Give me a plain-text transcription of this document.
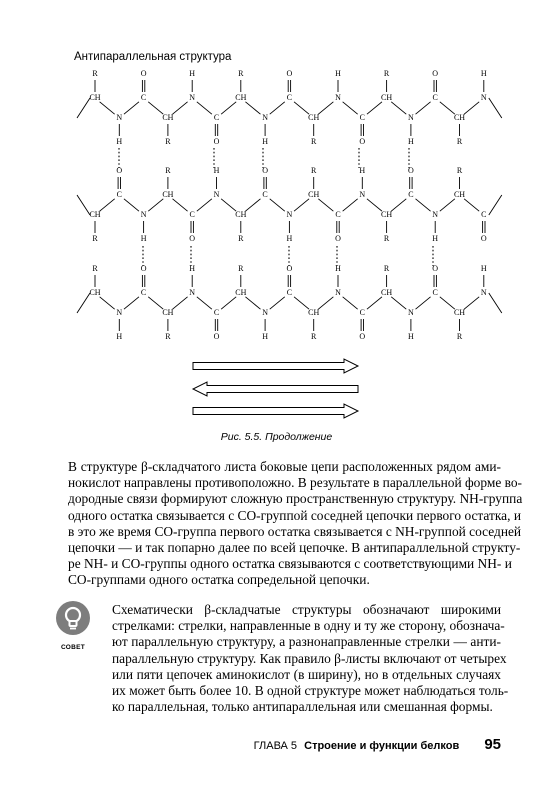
Антипараллельная структура
CH
R
N
H
C
O
CH
R
N
H
C
O
CH
R
N
H
C
O
CH
R
N
H
C
O
CH
R
N
H
C
O
CH
R
N
H
CH
R
C
O
N
H
CH
R
C
O
N
H
CH
R
C
O
N
H
CH
R
C
O
N
H
CH
R
C
O
N
H
CH
R
C
O
CH
R
N
H
C
O
CH
R
N
H
C
O
CH
R
N
H
C
O
CH
R
N
H
C
O
CH
R
N
H
C
O
CH
R
N
H
Рис. 5.5. Продолжение
В структуре β-складчатого листа боковые цепи расположенных рядом ами-
нокислот направлены противоположно. В результате в параллельной форме во-
дородные связи формируют сложную пространственную структуру. NH-группа
одного остатка связывается с CO-группой соседней цепочки первого остатка, и
в это же время CO-группа первого остатка связывается с NH-группой соседней
цепочки — и так попарно далее по всей цепочке. В антипараллельной структу-
ре NH- и CO-группы одного остатка связываются с соответствующими NH- и
CO-группами одного остатка сопредельной цепочки.
СОВЕТ
Схематически β-складчатые структуры обозначают широкими
стрелками: стрелки, направленные в одну и ту же сторону, обознача-
ют параллельную структуру, а разнонаправленные стрелки — анти-
параллельную структуру. Как правило β-листы включают от четырех
или пяти цепочек аминокислот (в ширину), но в отдельных случаях
их может быть более 10. В одной структуре может наблюдаться толь-
ко параллельная, только антипараллельная или смешанная формы.
ГЛАВА 5 Строение и функции белков 95
